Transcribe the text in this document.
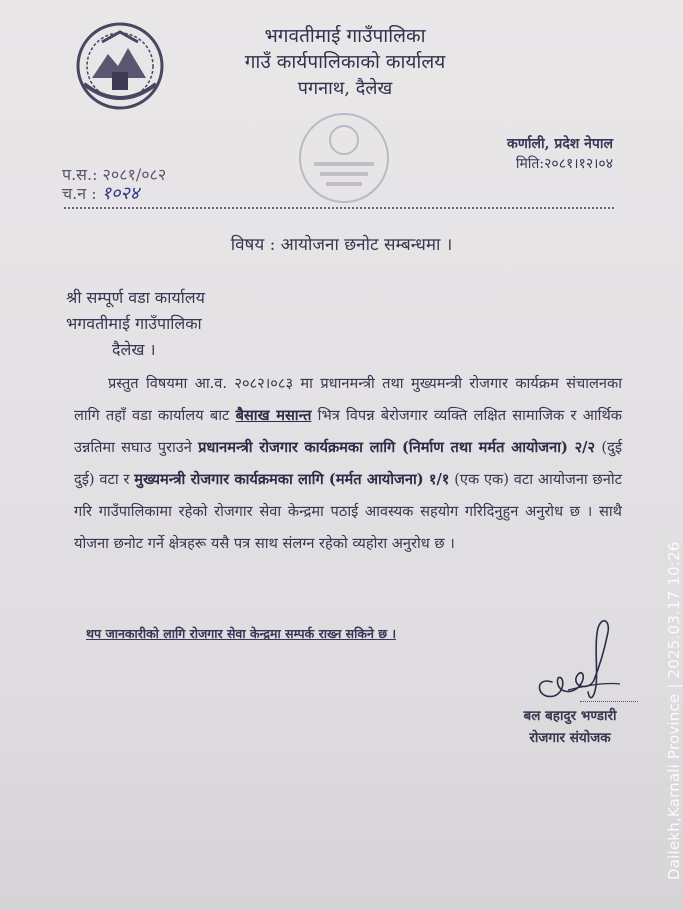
भगवतीमाई गाउँपालिका
गाउँ कार्यपालिकाको कार्यालय
पगनाथ, दैलेख
कर्णाली, प्रदेश नेपाल
मिति:२०८१।१२।०४
प.स.: २०८१/०८२
च.न : १०२४
विषय : आयोजना छनोट सम्बन्धमा ।
श्री सम्पूर्ण वडा कार्यालय
भगवतीमाई गाउँपालिका
दैलेख ।
प्रस्तुत विषयमा आ.व. २०८२।०८३ मा प्रधानमन्त्री तथा मुख्यमन्त्री रोजगार कार्यक्रम संचालनका लागि तहाँ वडा कार्यालय बाट बैसाख मसान्त भित्र विपन्न बेरोजगार व्यक्ति लक्षित सामाजिक र आर्थिक उन्नतिमा सघाउ पुराउने प्रधानमन्त्री रोजगार कार्यक्रमका लागि (निर्माण तथा मर्मत आयोजना) २/२ (दुई दुई) वटा र मुख्यमन्त्री रोजगार कार्यक्रमका लागि (मर्मत आयोजना) १/१ (एक एक) वटा आयोजना छनोट गरि गाउँपालिकामा रहेको रोजगार सेवा केन्द्रमा पठाई आवस्यक सहयोग गरिदिनुहुन अनुरोध छ । साथै योजना छनोट गर्ने क्षेत्रहरू यसै पत्र साथ संलग्न रहेको व्यहोरा अनुरोध छ ।
थप जानकारीको लागि रोजगार सेवा केन्द्रमा सम्पर्क राख्न सकिने छ ।
बल बहादुर भण्डारी
रोजगार संयोजक	Dailekh,Karnali Province | 2025.03.17 10:26
